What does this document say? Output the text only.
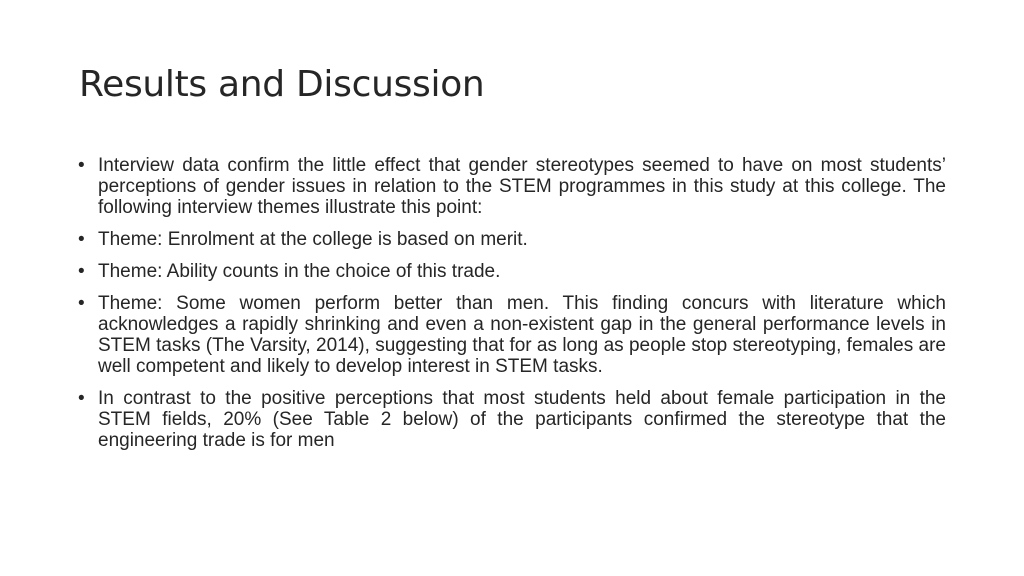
Results and Discussion
• Interview data confirm the little effect that gender stereotypes seemed to have on most students’ perceptions of gender issues in relation to the STEM programmes in this study at this college. The following interview themes illustrate this point:
• Theme: Enrolment at the college is based on merit.
• Theme: Ability counts in the choice of this trade.
• Theme: Some women perform better than men. This finding concurs with literature which acknowledges a rapidly shrinking and even a non-existent gap in the general performance levels in STEM tasks (The Varsity, 2014), suggesting that for as long as people stop stereotyping, females are well competent and likely to develop interest in STEM tasks.
• In contrast to the positive perceptions that most students held about female participation in the STEM fields, 20% (See Table 2 below) of the participants confirmed the stereotype that the engineering trade is for men
